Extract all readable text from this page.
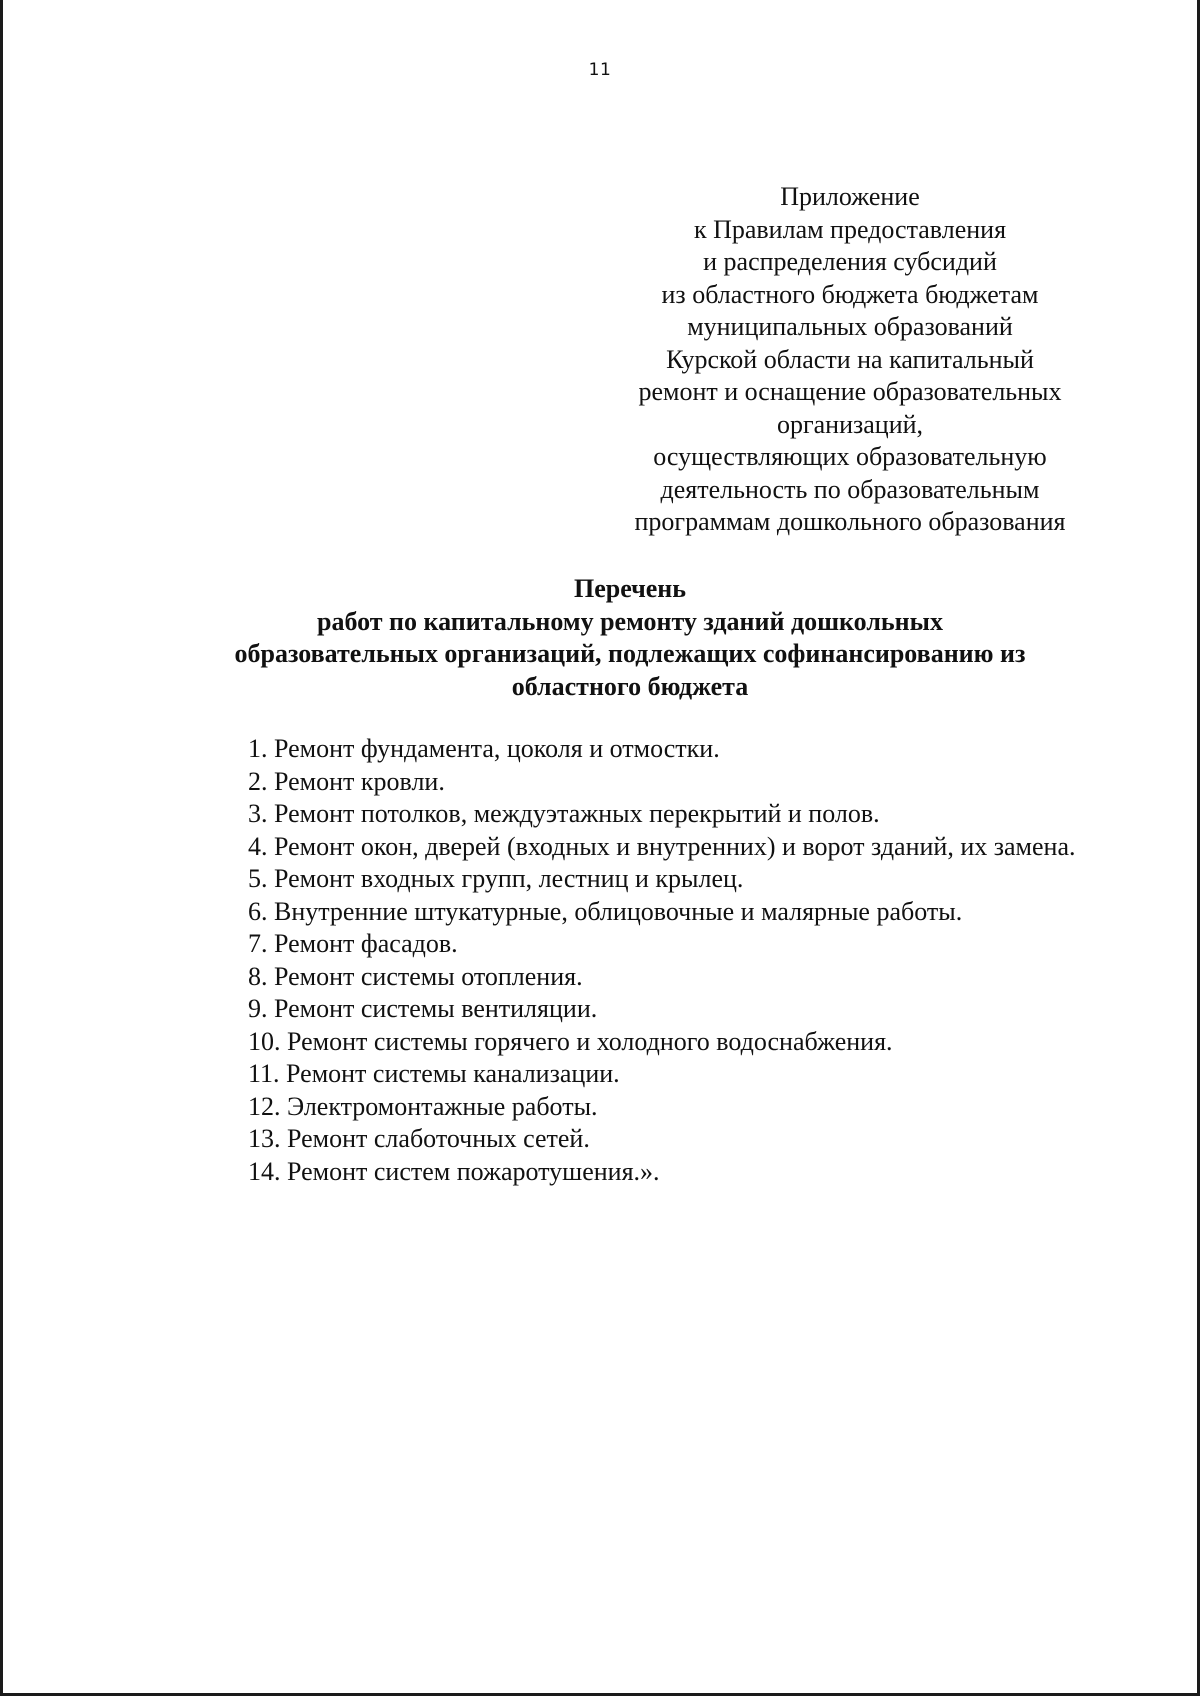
11
Приложение
к Правилам предоставления
и распределения субсидий
из областного бюджета бюджетам
муниципальных образований
Курской области на капитальный
ремонт и оснащение образовательных
организаций,
осуществляющих образовательную
деятельность по образовательным
программам дошкольного образования
Перечень
работ по капитальному ремонту зданий дошкольных
образовательных организаций, подлежащих софинансированию из
областного бюджета

1. Ремонт фундамента, цоколя и отмостки.

2. Ремонт кровли.

3. Ремонт потолков, междуэтажных перекрытий и полов.

4. Ремонт окон, дверей (входных и внутренних) и ворот зданий, их замена.

5. Ремонт входных групп, лестниц и крылец.

6. Внутренние штукатурные, облицовочные и малярные работы.

7. Ремонт фасадов.

8. Ремонт системы отопления.

9. Ремонт системы вентиляции.

10. Ремонт системы горячего и холодного водоснабжения.

11. Ремонт системы канализации.

12. Электромонтажные работы.

13. Ремонт слаботочных сетей.

14. Ремонт систем пожаротушения.».
